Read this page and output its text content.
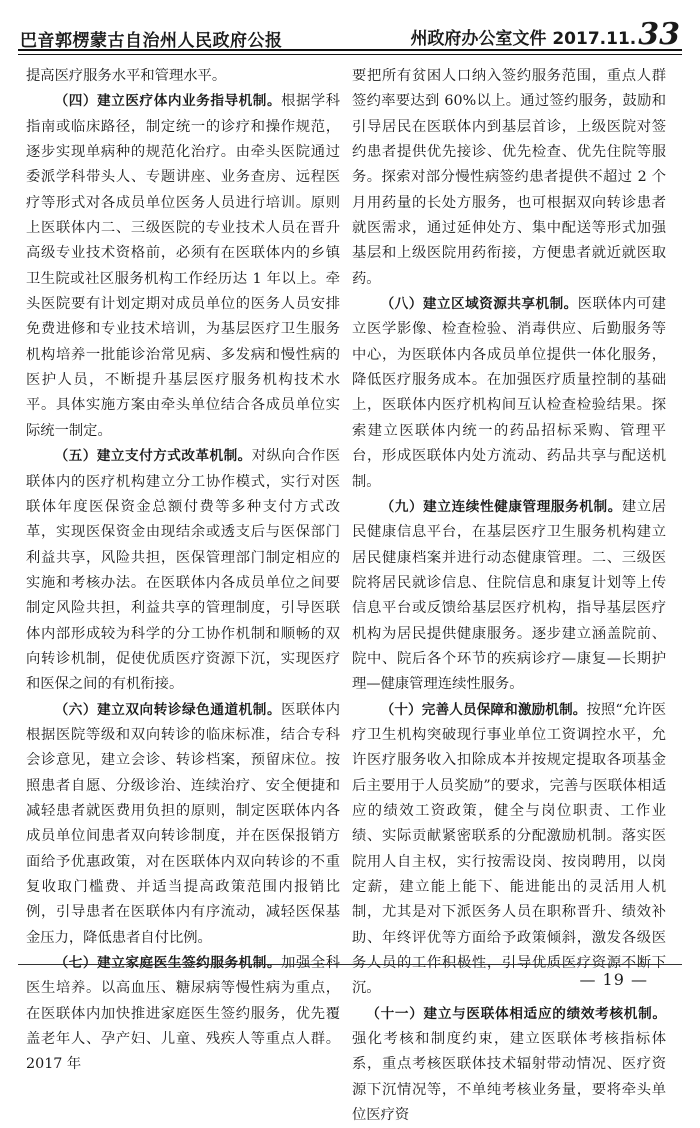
巴音郭楞蒙古自治州人民政府公报	州政府办公室文件 2017.11.33

提高医疗服务水平和管理水平。

（四）建立医疗体内业务指导机制。根据学科指南或临床路径，制定统一的诊疗和操作规范，逐步实现单病种的规范化治疗。由牵头医院通过委派学科带头人、专题讲座、业务查房、远程医疗等形式对各成员单位医务人员进行培训。原则上医联体内二、三级医院的专业技术人员在晋升高级专业技术资格前，必须有在医联体内的乡镇卫生院或社区服务机构工作经历达 1 年以上。牵头医院要有计划定期对成员单位的医务人员安排免费进修和专业技术培训，为基层医疗卫生服务机构培养一批能诊治常见病、多发病和慢性病的医护人员，不断提升基层医疗服务机构技术水平。具体实施方案由牵头单位结合各成员单位实际统一制定。

（五）建立支付方式改革机制。对纵向合作医联体内的医疗机构建立分工协作模式，实行对医联体年度医保资金总额付费等多种支付方式改革，实现医保资金由现结余或透支后与医保部门利益共享，风险共担，医保管理部门制定相应的实施和考核办法。在医联体内各成员单位之间要制定风险共担，利益共享的管理制度，引导医联体内部形成较为科学的分工协作机制和顺畅的双向转诊机制，促使优质医疗资源下沉，实现医疗和医保之间的有机衔接。

（六）建立双向转诊绿色通道机制。医联体内根据医院等级和双向转诊的临床标准，结合专科会诊意见，建立会诊、转诊档案，预留床位。按照患者自愿、分级诊治、连续治疗、安全便捷和减轻患者就医费用负担的原则，制定医联体内各成员单位间患者双向转诊制度，并在医保报销方面给予优惠政策，对在医联体内双向转诊的不重复收取门槛费、并适当提高政策范围内报销比例，引导患者在医联体内有序流动，减轻医保基金压力，降低患者自付比例。

（七）建立家庭医生签约服务机制。加强全科医生培养。以高血压、糖尿病等慢性病为重点，在医联体内加快推进家庭医生签约服务，优先覆盖老年人、孕产妇、儿童、残疾人等重点人群。2017 年

要把所有贫困人口纳入签约服务范围，重点人群签约率要达到 60%以上。通过签约服务，鼓励和引导居民在医联体内到基层首诊，上级医院对签约患者提供优先接诊、优先检查、优先住院等服务。探索对部分慢性病签约患者提供不超过 2 个月用药量的长处方服务，也可根据双向转诊患者就医需求，通过延伸处方、集中配送等形式加强基层和上级医院用药衔接，方便患者就近就医取药。

（八）建立区域资源共享机制。医联体内可建立医学影像、检查检验、消毒供应、后勤服务等中心，为医联体内各成员单位提供一体化服务，降低医疗服务成本。在加强医疗质量控制的基础上，医联体内医疗机构间互认检查检验结果。探索建立医联体内统一的药品招标采购、管理平台，形成医联体内处方流动、药品共享与配送机制。

（九）建立连续性健康管理服务机制。建立居民健康信息平台，在基层医疗卫生服务机构建立居民健康档案并进行动态健康管理。二、三级医院将居民就诊信息、住院信息和康复计划等上传信息平台或反馈给基层医疗机构，指导基层医疗机构为居民提供健康服务。逐步建立涵盖院前、院中、院后各个环节的疾病诊疗—康复—长期护理—健康管理连续性服务。

（十）完善人员保障和激励机制。按照“允许医疗卫生机构突破现行事业单位工资调控水平，允许医疗服务收入扣除成本并按规定提取各项基金后主要用于人员奖励”的要求，完善与医联体相适应的绩效工资政策，健全与岗位职责、工作业绩、实际贡献紧密联系的分配激励机制。落实医院用人自主权，实行按需设岗、按岗聘用，以岗定薪，建立能上能下、能进能出的灵活用人机制，尤其是对下派医务人员在职称晋升、绩效补助、年终评优等方面给予政策倾斜，激发各级医务人员的工作积极性，引导优质医疗资源不断下沉。

（十一）建立与医联体相适应的绩效考核机制。强化考核和制度约束，建立医联体考核指标体系，重点考核医联体技术辐射带动情况、医疗资源下沉情况等，不单纯考核业务量，要将牵头单位医疗资

— 19 —
